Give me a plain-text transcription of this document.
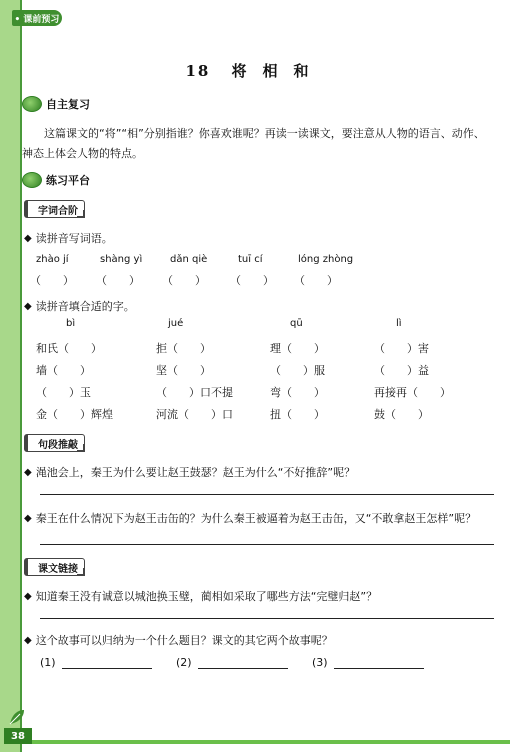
• 课前预习
18 将相和
自主复习
这篇课文的“将”“相”分别指谁？你喜欢谁呢？再读一读课文，要注意从人物的语言、动作、神态上体会人物的特点。
练习平台
字词合阶
◆ 读拼音写词语。
zhào jí	shàng yì	dǎn qiè	tuī cí	lóng zhòng
（　　） （　　） （　　） （　　） （　　）
◆ 读拼音填合适的字。
bì	jué	qū	lì
和氏（　　）	拒（　　）	理（　　）	（　　）害
墙（　　）	坚（　　）	（　　）服	（　　）益
（　　）玉	（　　）口不提	弯（　　）	再接再（　　）
金（　　）辉煌	河流（　　）口	扭（　　）	鼓（　　）
句段推敲
◆ 渑池会上，秦王为什么要让赵王鼓瑟？赵王为什么“不好推辞”呢？
◆ 秦王在什么情况下为赵王击缶的？为什么秦王被逼着为赵王击缶，又“不敢拿赵王怎样”呢？
课文链接
◆ 知道秦王没有诚意以城池换玉璧，蔺相如采取了哪些方法“完璧归赵”？
◆ 这个故事可以归纳为一个什么题目？课文的其它两个故事呢？
(1)	(2)	(3)
38
